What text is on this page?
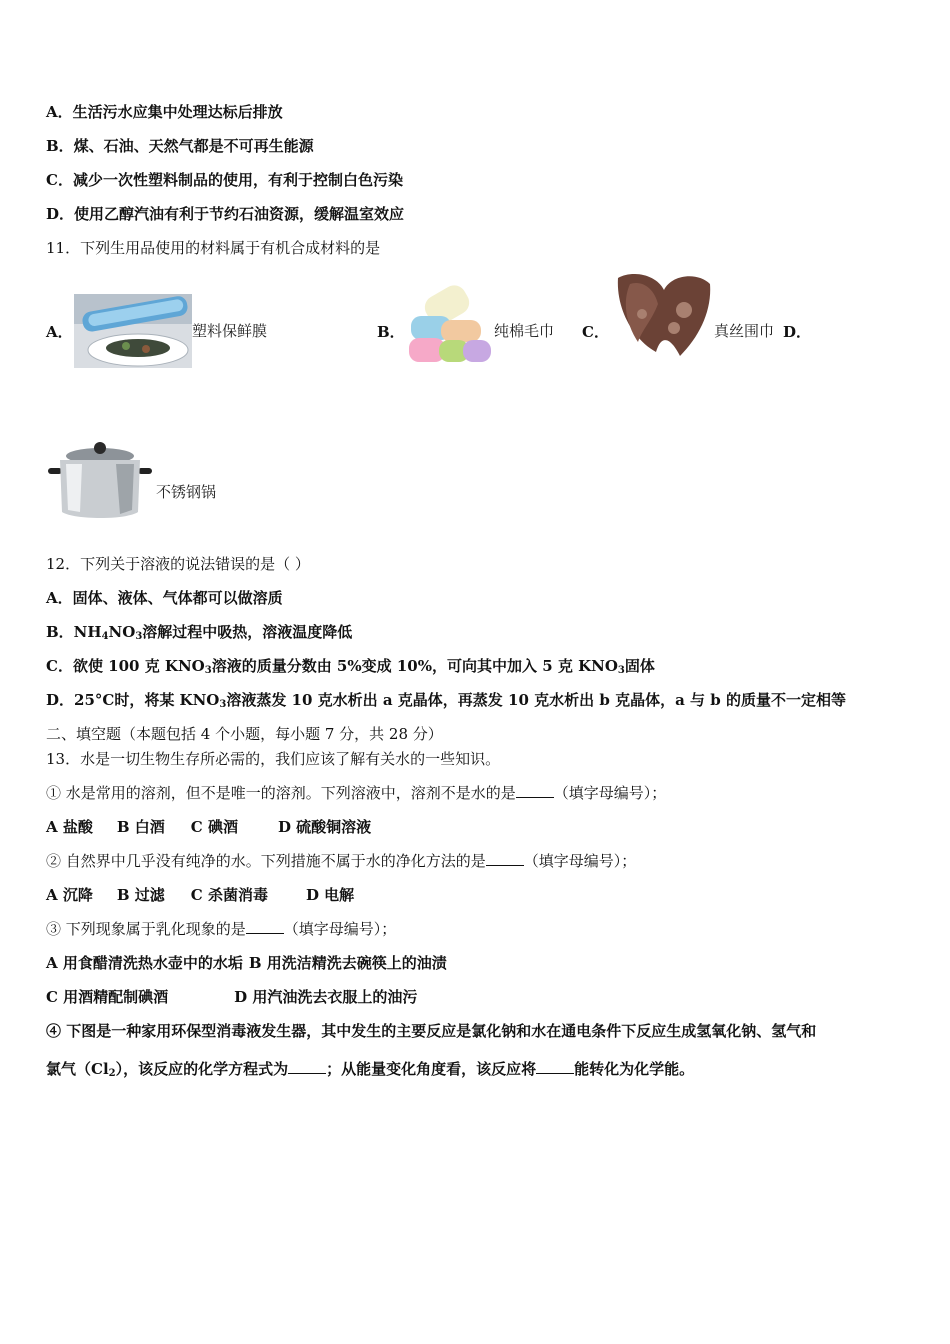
A．生活污水应集中处理达标后排放
B．煤、石油、天然气都是不可再生能源
C．减少一次性塑料制品的使用，有利于控制白色污染
D．使用乙醇汽油有利于节约石油资源，缓解温室效应
11．下列生用品使用的材料属于有机合成材料的是
A．	塑料保鲜膜	B．	纯棉毛巾 C．	真丝围巾 D．
不锈钢锅
12．下列关于溶液的说法错误的是（ ）
A．固体、液体、气体都可以做溶质
B．$NH_4NO_3$溶解过程中吸热，溶液温度降低
C．欲使 100 克 $KNO_3$溶液的质量分数由 5%变成 10%，可向其中加入 5 克 $KNO_3$固体
D．25°C时，将某 $KNO_3$溶液蒸发 10 克水析出 a 克晶体，再蒸发 10 克水析出 b 克晶体，a 与 b 的质量不一定相等
二、填空题（本题包括 4 个小题，每小题 7 分，共 28 分）
13．水是一切生物生存所必需的，我们应该了解有关水的一些知识。
① 水是常用的溶剂，但不是唯一的溶剂。下列溶液中，溶剂不是水的是	（填字母编号）；
A 盐酸 B 白酒 C 碘酒	D 硫酸铜溶液
② 自然界中几乎没有纯净的水。下列措施不属于水的净化方法的是	（填字母编号）；
A 沉降 B 过滤 C 杀菌消毒	D 电解
③ 下列现象属于乳化现象的是	（填字母编号）；
A 用食醋清洗热水壶中的水垢 B 用洗洁精洗去碗筷上的油渍
C 用酒精配制碘酒	D 用汽油洗去衣服上的油污
④ 下图是一种家用环保型消毒液发生器，其中发生的主要反应是氯化钠和水在通电条件下反应生成氢氧化钠、氢气和
氯气$(Cl_2)$，该反应的化学方程式为	；从能量变化角度看，该反应将	能转化为化学能。
